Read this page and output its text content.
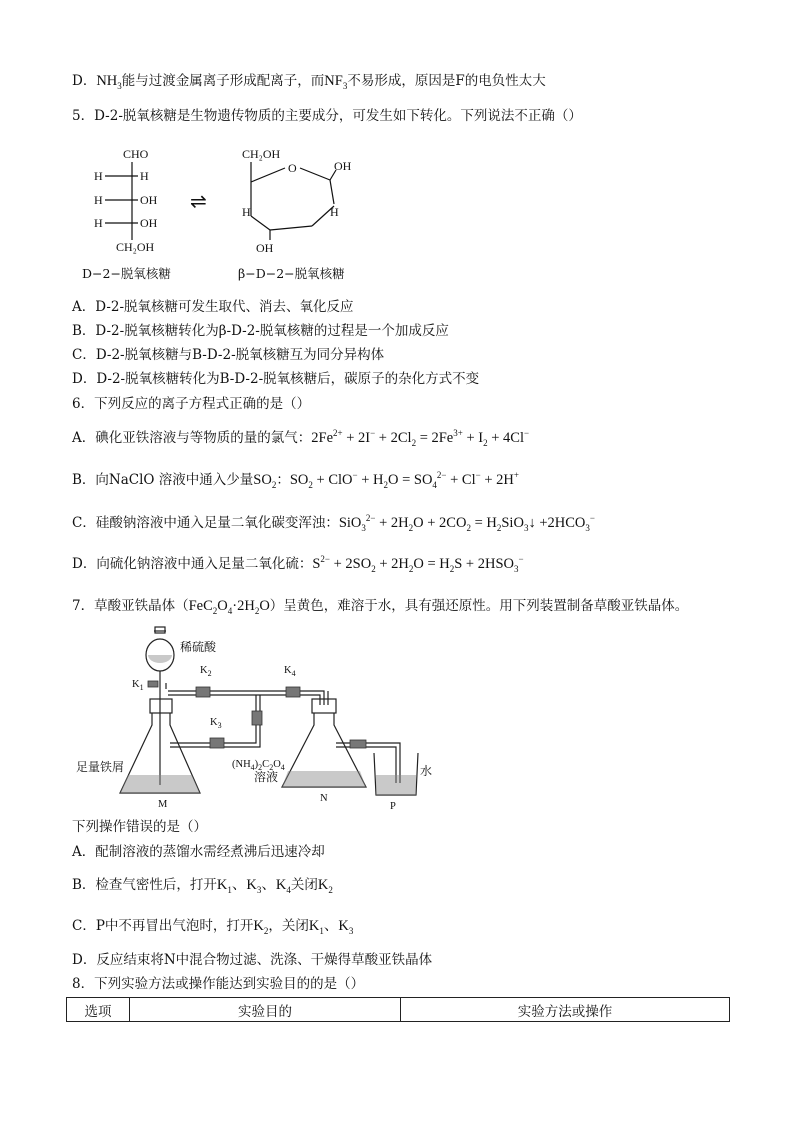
D．$NH_3$能与过渡金属离子形成配离子，而$NF_3$不易形成，原因是F的电负性太大
5．D-2-脱氧核糖是生物遗传物质的主要成分，可发生如下转化。下列说法不正确（）
CHO
H	H
H	OH
H	OH
CH₂OH
CH₂OH
O	OH
H	H
OH
⇌
D−2−脱氧核糖	β−D−2−脱氧核糖
A．D-2-脱氧核糖可发生取代、消去、氧化反应
B．D-2-脱氧核糖转化为β-D-2-脱氧核糖的过程是一个加成反应
C．D-2-脱氧核糖与B-D-2-脱氧核糖互为同分异构体
D．D-2-脱氧核糖转化为B-D-2-脱氧核糖后，碳原子的杂化方式不变
6．下列反应的离子方程式正确的是（）
A．碘化亚铁溶液与等物质的量的氯气：$2Fe^{2+} + 2I^- + 2Cl_2 = 2Fe^{3+} + I_2 + 4Cl^-$
B．向NaClO 溶液中通入少量$SO_2$：$SO_2 + ClO^- + H_2O = SO_4^{2-} + Cl^- + 2H^+$
C．硅酸钠溶液中通入足量二氧化碳变浑浊：$SiO_3^{2-} + 2H_2O + 2CO_2$ = $H_2SiO_3↓ +2HCO_3^-$
D．向硫化钠溶液中通入足量二氧化硫：$S^{2-} + 2SO_2 + 2H_2O = H_2S + 2HSO_3^-$
7．草酸亚铁晶体$(FeC_2O_4\cdot 2H_2O)$呈黄色，难溶于水，具有强还原性。用下列装置制备草酸亚铁晶体。
稀硫酸
足量铁屑
溶液	水
$K_1$
$K_2$
$K_3$
$K_4$
$(NH_4)_2C_2O_4$
M
N
P
下列操作错误的是（）
A．配制溶液的蒸馏水需经煮沸后迅速冷却
B．检查气密性后，打开$K_1$、$K_3$、$K_4$关闭$K_2$
C．P中不再冒出气泡时，打开$K_2$，关闭$K_1$、$K_3$
D．反应结束将N中混合物过滤、洗涤、干燥得草酸亚铁晶体
8．下列实验方法或操作能达到实验目的的是（）
选项	实验目的	实验方法或操作
